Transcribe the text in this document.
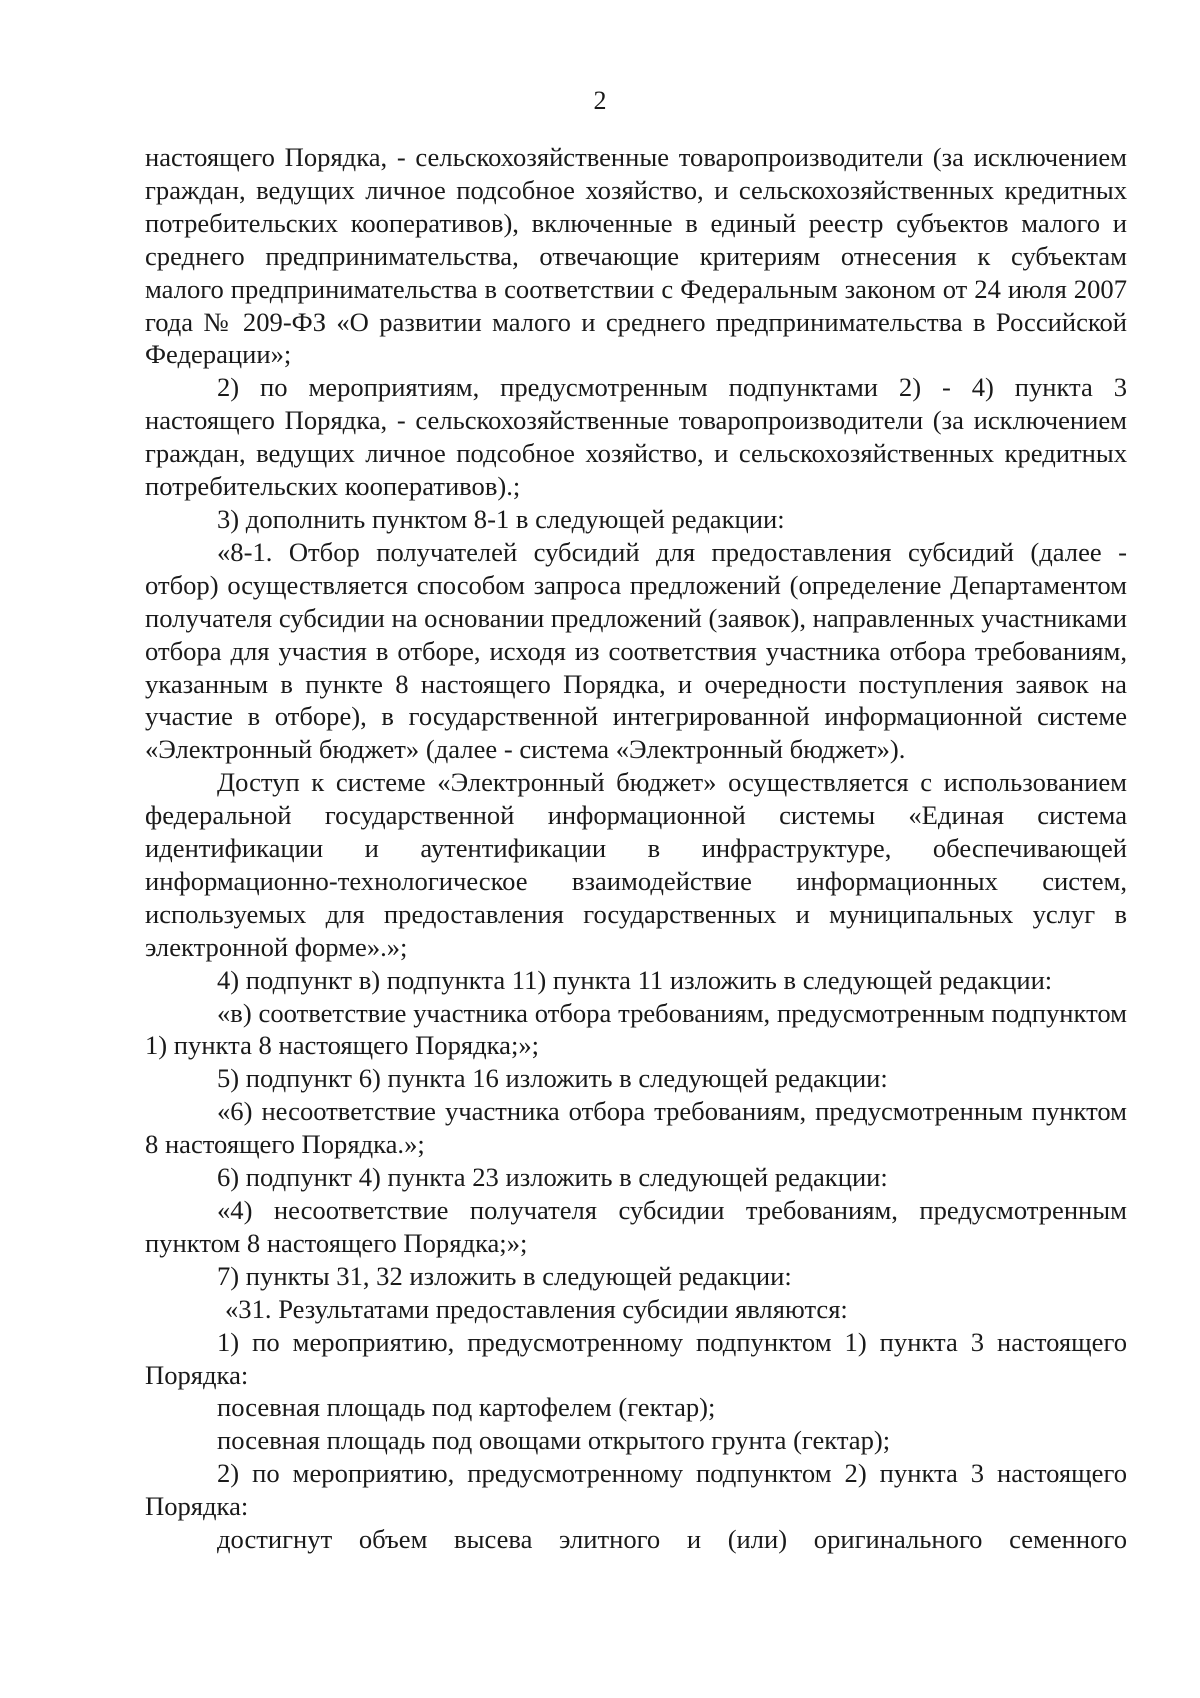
2

настоящего Порядка, - сельскохозяйственные товаропроизводители (за исключением граждан, ведущих личное подсобное хозяйство, и сельскохозяйственных кредитных потребительских кооперативов), включенные в единый реестр субъектов малого и среднего предпринимательства, отвечающие критериям отнесения к субъектам малого предпринимательства в соответствии с Федеральным законом от 24 июля 2007 года № 209-ФЗ «О развитии малого и среднего предпринимательства в Российской Федерации»;

2) по мероприятиям, предусмотренным подпунктами 2) - 4) пункта 3 настоящего Порядка, - сельскохозяйственные товаропроизводители (за исключением граждан, ведущих личное подсобное хозяйство, и сельскохозяйственных кредитных потребительских кооперативов).;

3) дополнить пунктом 8-1 в следующей редакции:

«8-1. Отбор получателей субсидий для предоставления субсидий (далее - отбор) осуществляется способом запроса предложений (определение Департаментом получателя субсидии на основании предложений (заявок), направленных участниками отбора для участия в отборе, исходя из соответствия участника отбора требованиям, указанным в пункте 8 настоящего Порядка, и очередности поступления заявок на участие в отборе), в государственной интегрированной информационной системе «Электронный бюджет» (далее - система «Электронный бюджет»).

Доступ к системе «Электронный бюджет» осуществляется с использованием федеральной государственной информационной системы «Единая система идентификации и аутентификации в инфраструктуре, обеспечивающей информационно-технологическое взаимодействие информационных систем, используемых для предоставления государственных и муниципальных услуг в электронной форме».»;

4) подпункт в) подпункта 11) пункта 11 изложить в следующей редакции:

«в) соответствие участника отбора требованиям, предусмотренным подпунктом 1) пункта 8 настоящего Порядка;»;

5) подпункт 6) пункта 16 изложить в следующей редакции:

«6) несоответствие участника отбора требованиям, предусмотренным пунктом 8 настоящего Порядка.»;

6) подпункт 4) пункта 23 изложить в следующей редакции:

«4) несоответствие получателя субсидии требованиям, предусмотренным пунктом 8 настоящего Порядка;»;

7) пункты 31, 32 изложить в следующей редакции:

«31. Результатами предоставления субсидии являются:

1) по мероприятию, предусмотренному подпунктом 1) пункта 3 настоящего Порядка:

посевная площадь под картофелем (гектар);

посевная площадь под овощами открытого грунта (гектар);

2) по мероприятию, предусмотренному подпунктом 2) пункта 3 настоящего Порядка:

достигнут объем высева элитного и (или) оригинального семенного
